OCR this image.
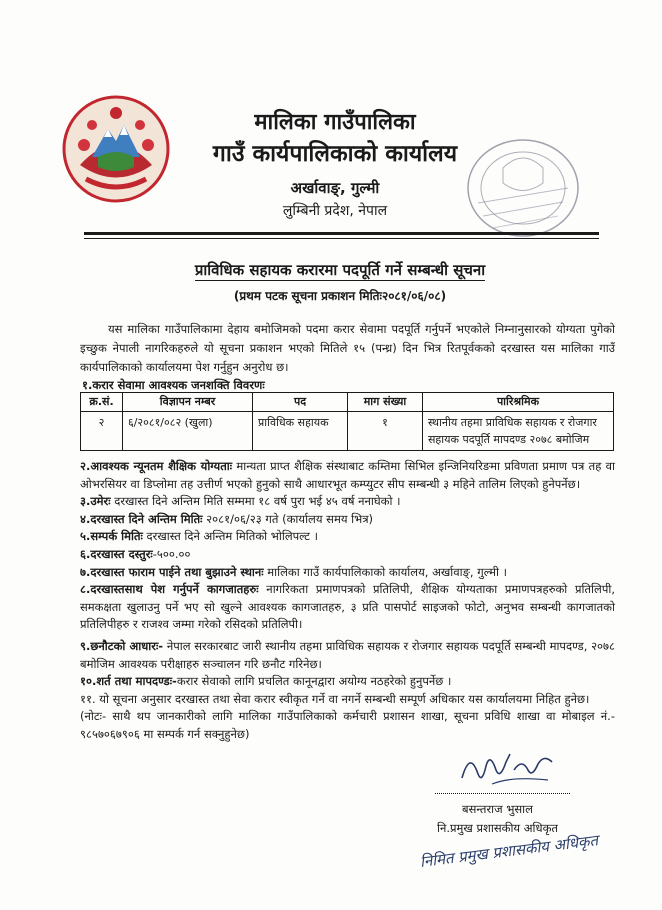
मालिका गाउँपालिका
गाउँ कार्यपालिकाको कार्यालय
अर्खावाङ्, गुल्मी
लुम्बिनी प्रदेश, नेपाल
प्राविधिक सहायक करारमा पदपूर्ति गर्ने सम्बन्धी सूचना
(प्रथम पटक सूचना प्रकाशन मितिः२०८१/०६/०८)
यस मालिका गाउँपालिकामा देहाय बमोजिमको पदमा करार सेवामा पदपूर्ति गर्नुपर्ने भएकोले निम्नानुसारको योग्यता पुगेको इच्छुक नेपाली नागरिकहरुले यो सूचना प्रकाशन भएको मितिले १५ (पन्ध्र) दिन भित्र रितपूर्वकको दरखास्त यस मालिका गाउँ कार्यपालिकाको कार्यालयमा पेश गर्नुहुन अनुरोध छ।
१.करार सेवामा आवश्यक जनशक्ति विवरणः
क्र.सं.	विज्ञापन नम्बर	पद	माग संख्या	पारिश्रमिक
२	६/२०८१/०८२ (खुला)	प्राविधिक सहायक	१	स्थानीय तहमा प्राविधिक सहायक र रोजगार सहायक पदपूर्ति मापदण्ड २०७८ बमोजिम
२.आवश्यक न्यूनतम शैक्षिक योग्यताः मान्यता प्राप्त शैक्षिक संस्थाबाट कम्तिमा सिभिल इन्जिनियरिङमा प्रविणता प्रमाण पत्र तह वा ओभरसियर वा डिप्लोमा तह उत्तीर्ण भएको हुनुको साथै आधारभूत कम्प्युटर सीप सम्बन्धी ३ महिने तालिम लिएको हुनेपर्नेछ।
३.उमेरः दरखास्त दिने अन्तिम मिति सम्ममा १८ वर्ष पुरा भई ४५ वर्ष ननाघेको ।
४.दरखास्त दिने अन्तिम मितिः २०८१/०६/२३ गते (कार्यालय समय भित्र)
५.सम्पर्क मितिः दरखास्त दिने अन्तिम मितिको भोलिपल्ट ।
६.दरखास्त दस्तुरः-५००.००
७.दरखास्त फाराम पाईने तथा बुझाउने स्थानः मालिका गाउँ कार्यपालिकाको कार्यालय, अर्खावाङ्, गुल्मी ।
८.दरखास्तसाथ पेश गर्नुपर्ने कागजातहरुः नागरिकता प्रमाणपत्रको प्रतिलिपी, शैक्षिक योग्यताका प्रमाणपत्रहरुको प्रतिलिपी, समकक्षता खुलाउनु पर्ने भए सो खुल्ने आवश्यक कागजातहरु, ३ प्रति पासपोर्ट साइजको फोटो, अनुभव सम्बन्धी कागजातको प्रतिलिपीहरु र राजश्व जम्मा गरेको रसिदको प्रतिलिपी।
९.छनौटको आधारः- नेपाल सरकारबाट जारी स्थानीय तहमा प्राविधिक सहायक र रोजगार सहायक पदपूर्ति सम्बन्धी मापदण्ड, २०७८ बमोजिम आवश्यक परीक्षाहरु सञ्चालन गरि छनौट गरिनेछ।
१०.शर्त तथा मापदण्डः-करार सेवाको लागि प्रचलित कानूनद्वारा अयोग्य नठहरेको हुनुपर्नेछ ।
११. यो सूचना अनुसार दरखास्त तथा सेवा करार स्वीकृत गर्ने वा नगर्ने सम्बन्धी सम्पूर्ण अधिकार यस कार्यालयमा निहित हुनेछ।
(नोटः- साथै थप जानकारीको लागि मालिका गाउँपालिकाको कर्मचारी प्रशासन शाखा, सूचना प्रविधि शाखा वा मोबाइल नं.- ९८५७०६७९०६ मा सम्पर्क गर्न सक्नुहुनेछ)
बसन्तराज भुसाल
नि.प्रमुख प्रशासकीय अधिकृत
निमित प्रमुख प्रशासकीय अधिकृत
